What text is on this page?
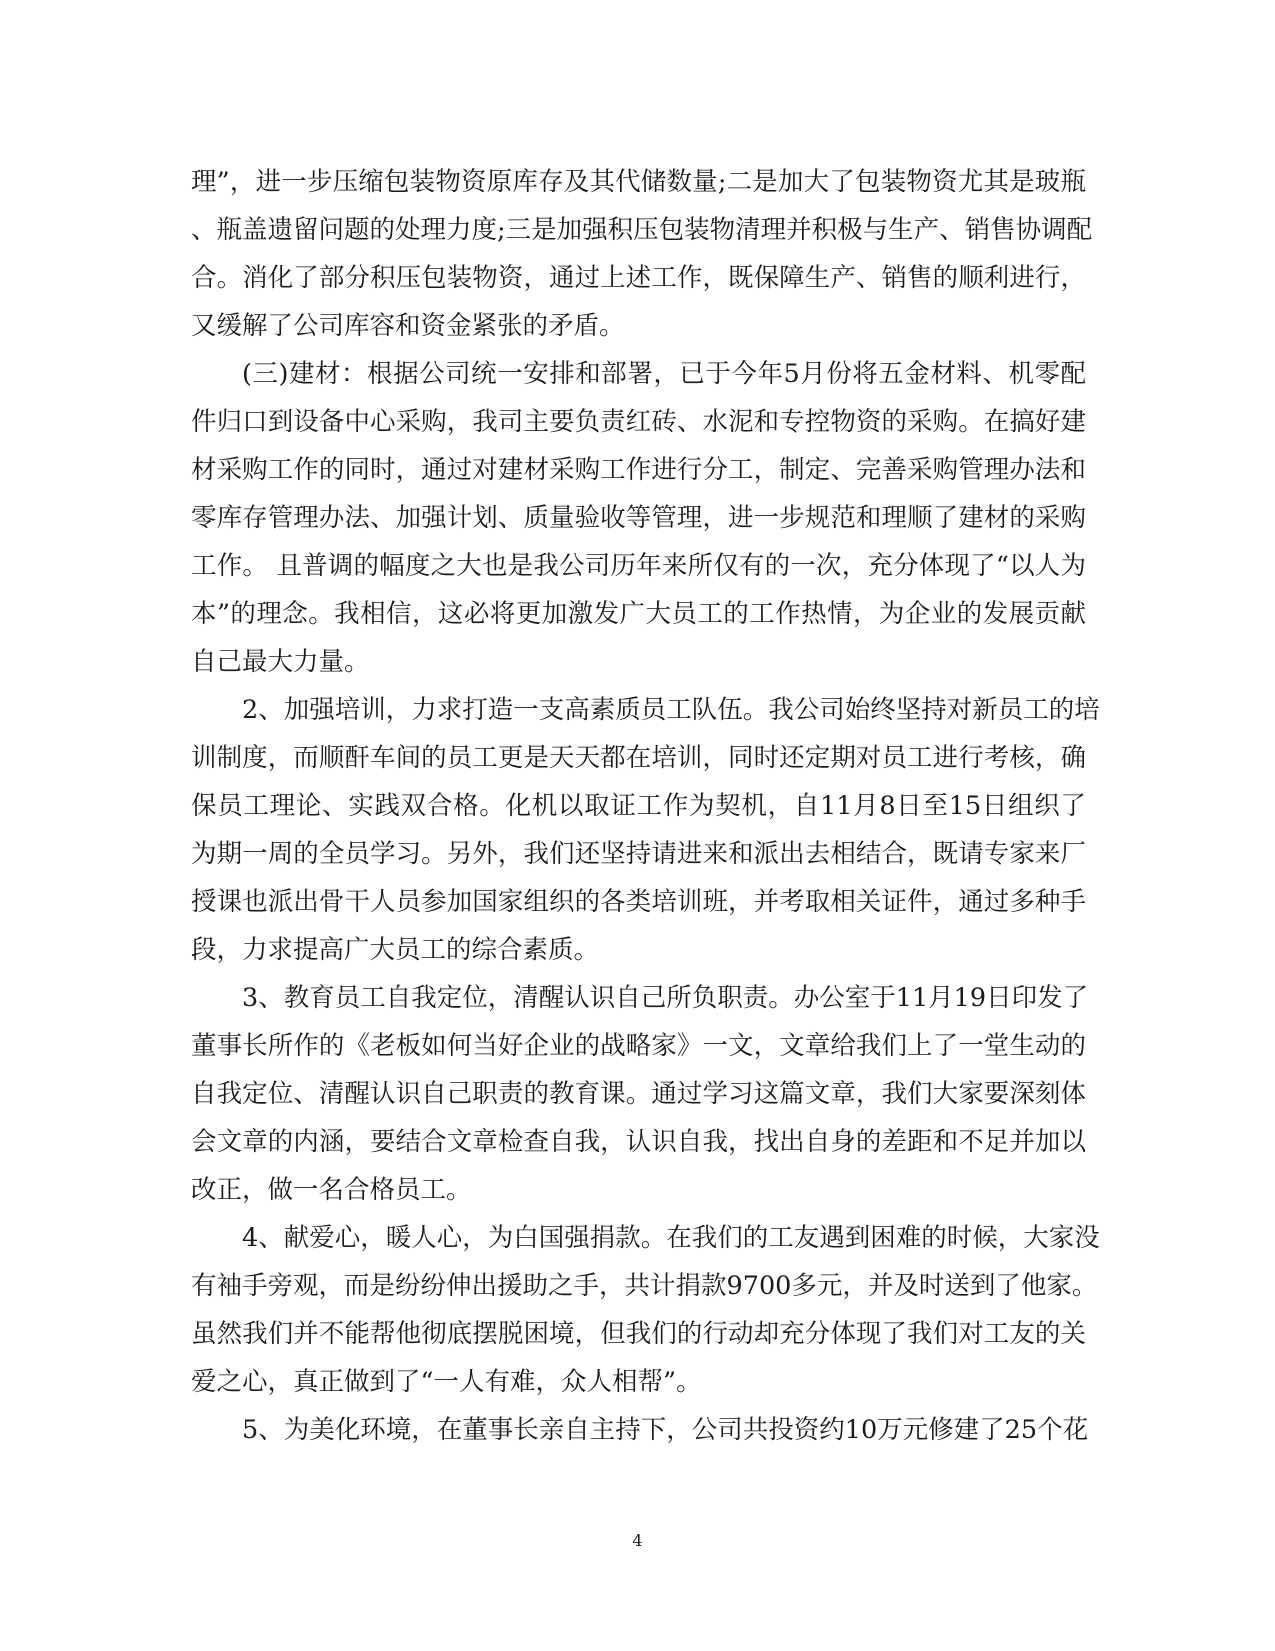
理”，进一步压缩包装物资原库存及其代储数量;二是加大了包装物资尤其是玻瓶
、瓶盖遗留问题的处理力度;三是加强积压包装物清理并积极与生产、销售协调配
合。消化了部分积压包装物资，通过上述工作，既保障生产、销售的顺利进行，
又缓解了公司库容和资金紧张的矛盾。
(三)建材：根据公司统一安排和部署，已于今年5月份将五金材料、机零配
件归口到设备中心采购，我司主要负责红砖、水泥和专控物资的采购。在搞好建
材采购工作的同时，通过对建材采购工作进行分工，制定、完善采购管理办法和
零库存管理办法、加强计划、质量验收等管理，进一步规范和理顺了建材的采购
工作。 且普调的幅度之大也是我公司历年来所仅有的一次，充分体现了“以人为
本”的理念。我相信，这必将更加激发广大员工的工作热情，为企业的发展贡献
自己最大力量。
2、加强培训，力求打造一支高素质员工队伍。我公司始终坚持对新员工的培
训制度，而顺酐车间的员工更是天天都在培训，同时还定期对员工进行考核，确
保员工理论、实践双合格。化机以取证工作为契机，自11月8日至15日组织了
为期一周的全员学习。另外，我们还坚持请进来和派出去相结合，既请专家来厂
授课也派出骨干人员参加国家组织的各类培训班，并考取相关证件，通过多种手
段，力求提高广大员工的综合素质。
3、教育员工自我定位，清醒认识自己所负职责。办公室于11月19日印发了
董事长所作的《老板如何当好企业的战略家》一文，文章给我们上了一堂生动的
自我定位、清醒认识自己职责的教育课。通过学习这篇文章，我们大家要深刻体
会文章的内涵，要结合文章检查自我，认识自我，找出自身的差距和不足并加以
改正，做一名合格员工。
4、献爱心，暖人心，为白国强捐款。在我们的工友遇到困难的时候，大家没
有袖手旁观，而是纷纷伸出援助之手，共计捐款9700多元，并及时送到了他家。
虽然我们并不能帮他彻底摆脱困境，但我们的行动却充分体现了我们对工友的关
爱之心，真正做到了“一人有难，众人相帮”。
5、为美化环境，在董事长亲自主持下，公司共投资约10万元修建了25个花
4
